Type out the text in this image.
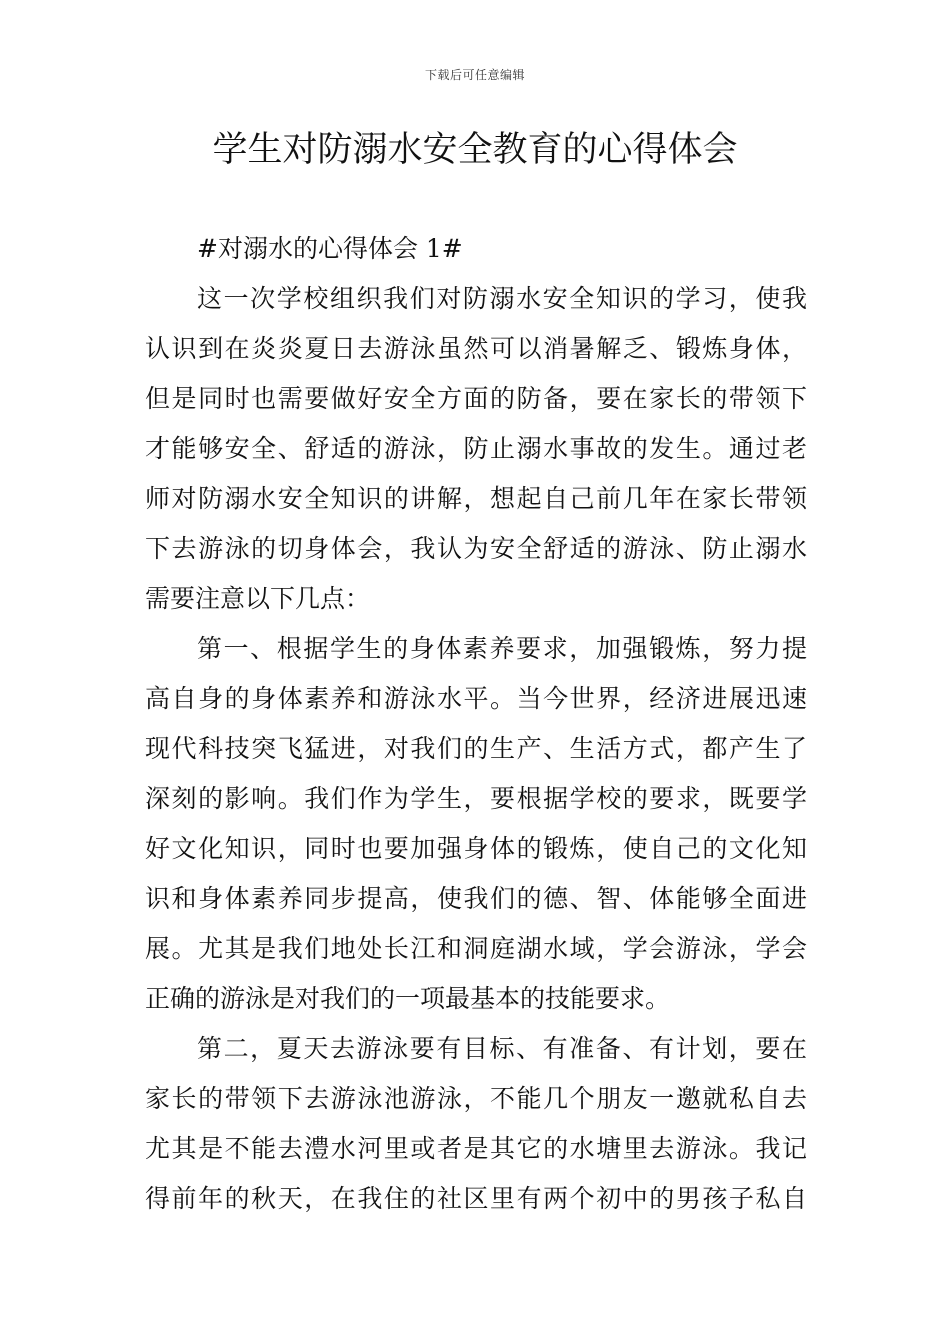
下载后可任意编辑
学生对防溺水安全教育的心得体会

#对溺水的心得体会 1#

这一次学校组织我们对防溺水安全知识的学习，使我

认识到在炎炎夏日去游泳虽然可以消暑解乏、锻炼身体，

但是同时也需要做好安全方面的防备，要在家长的带领下

才能够安全、舒适的游泳，防止溺水事故的发生。通过老

师对防溺水安全知识的讲解，想起自己前几年在家长带领

下去游泳的切身体会，我认为安全舒适的游泳、防止溺水

需要注意以下几点：

第一、根据学生的身体素养要求，加强锻炼，努力提

高自身的身体素养和游泳水平。当今世界，经济进展迅速

现代科技突飞猛进，对我们的生产、生活方式，都产生了

深刻的影响。我们作为学生，要根据学校的要求，既要学

好文化知识，同时也要加强身体的锻炼，使自己的文化知

识和身体素养同步提高，使我们的德、智、体能够全面进

展。尤其是我们地处长江和洞庭湖水域，学会游泳，学会

正确的游泳是对我们的一项最基本的技能要求。

第二，夏天去游泳要有目标、有准备、有计划，要在

家长的带领下去游泳池游泳，不能几个朋友一邀就私自去

尤其是不能去澧水河里或者是其它的水塘里去游泳。我记

得前年的秋天，在我住的社区里有两个初中的男孩子私自
